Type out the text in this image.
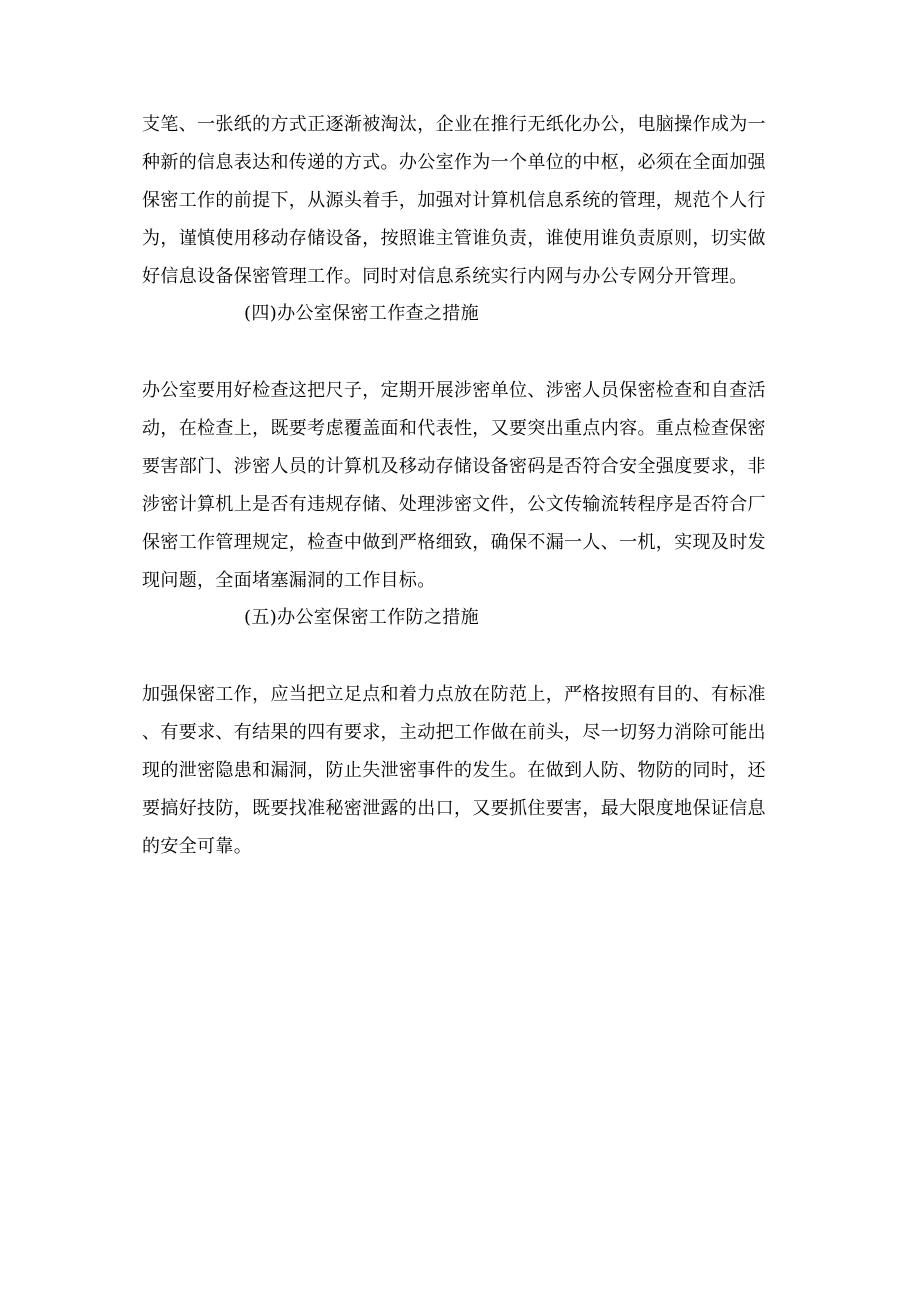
支笔、一张纸的方式正逐渐被淘汰，企业在推行无纸化办公，电脑操作成为一
种新的信息表达和传递的方式。办公室作为一个单位的中枢，必须在全面加强
保密工作的前提下，从源头着手，加强对计算机信息系统的管理，规范个人行
为，谨慎使用移动存储设备，按照谁主管谁负责，谁使用谁负责原则，切实做
好信息设备保密管理工作。同时对信息系统实行内网与办公专网分开管理。
(四)办公室保密工作查之措施
办公室要用好检查这把尺子，定期开展涉密单位、涉密人员保密检查和自查活
动，在检查上，既要考虑覆盖面和代表性，又要突出重点内容。重点检查保密
要害部门、涉密人员的计算机及移动存储设备密码是否符合安全强度要求，非
涉密计算机上是否有违规存储、处理涉密文件，公文传输流转程序是否符合厂
保密工作管理规定，检查中做到严格细致，确保不漏一人、一机，实现及时发
现问题，全面堵塞漏洞的工作目标。
(五)办公室保密工作防之措施
加强保密工作，应当把立足点和着力点放在防范上，严格按照有目的、有标准
、有要求、有结果的四有要求，主动把工作做在前头，尽一切努力消除可能出
现的泄密隐患和漏洞，防止失泄密事件的发生。在做到人防、物防的同时，还
要搞好技防，既要找准秘密泄露的出口，又要抓住要害，最大限度地保证信息
的安全可靠。
